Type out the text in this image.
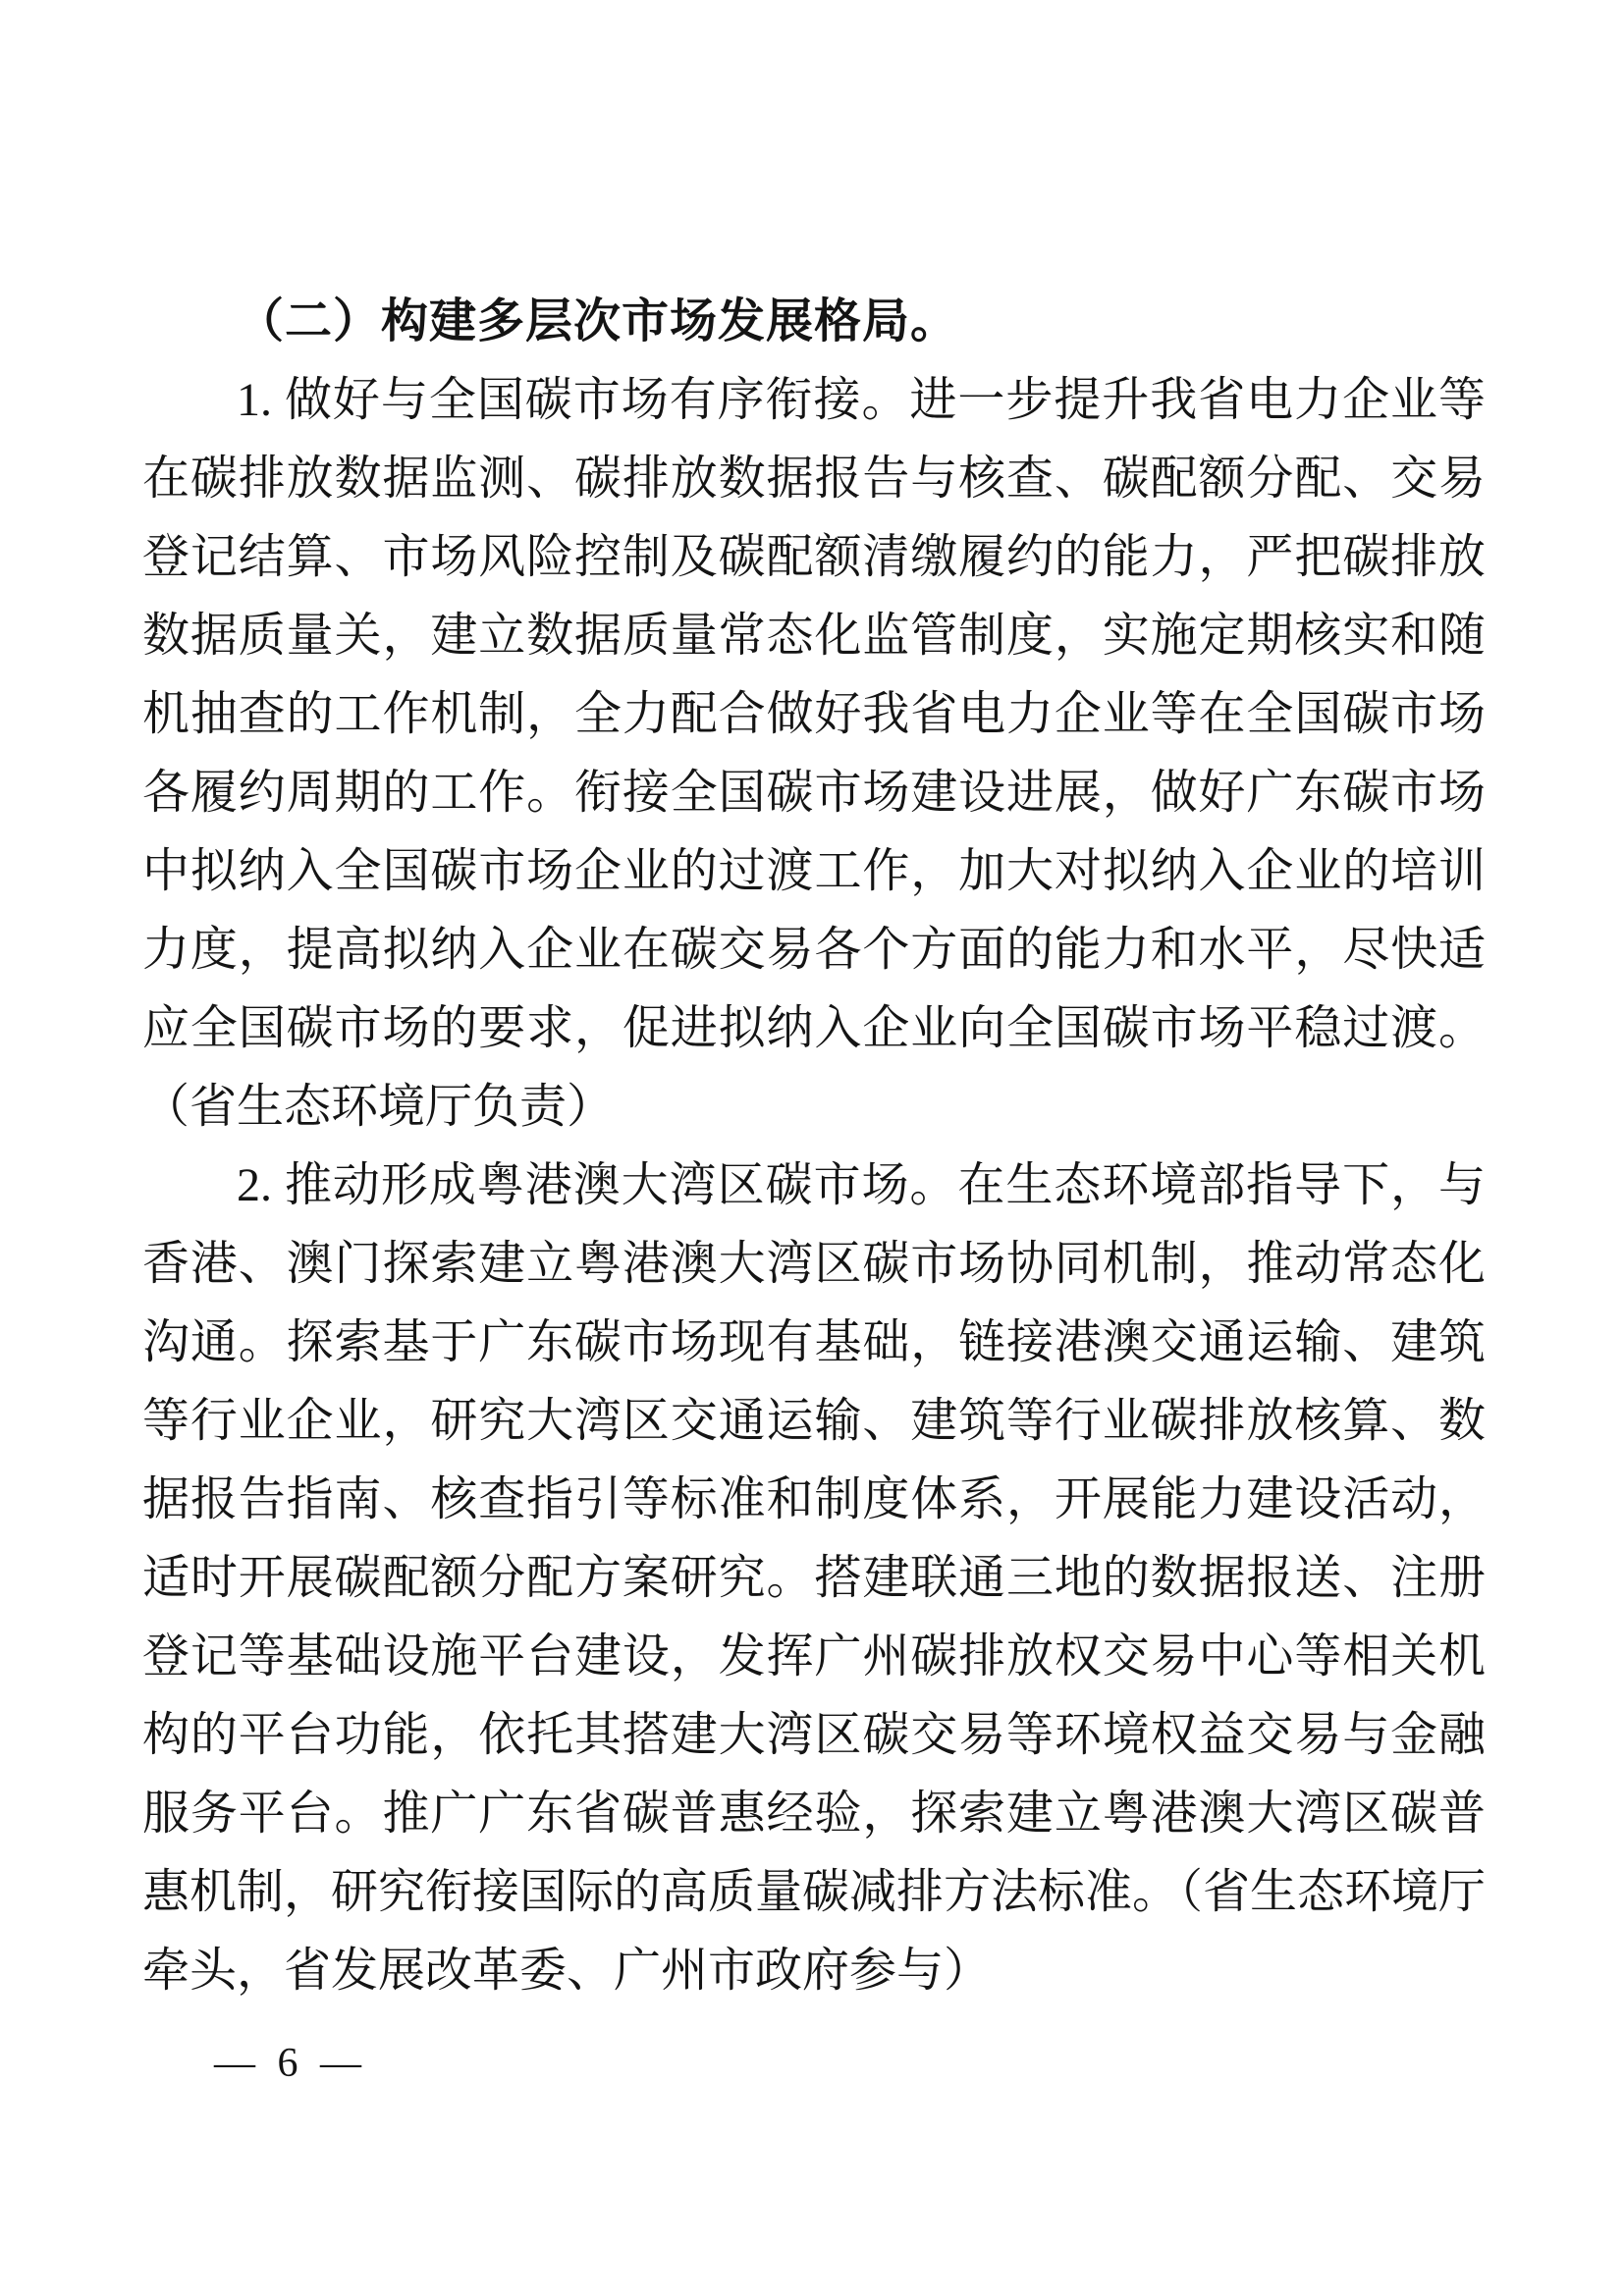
（二）构建多层次市场发展格局。
1. 做好与全国碳市场有序衔接。进一步提升我省电力企业等
在碳排放数据监测、碳排放数据报告与核查、碳配额分配、交易
登记结算、市场风险控制及碳配额清缴履约的能力，严把碳排放
数据质量关，建立数据质量常态化监管制度，实施定期核实和随
机抽查的工作机制，全力配合做好我省电力企业等在全国碳市场
各履约周期的工作。衔接全国碳市场建设进展，做好广东碳市场
中拟纳入全国碳市场企业的过渡工作，加大对拟纳入企业的培训
力度，提高拟纳入企业在碳交易各个方面的能力和水平，尽快适
应全国碳市场的要求，促进拟纳入企业向全国碳市场平稳过渡。
（省生态环境厅负责）
2. 推动形成粤港澳大湾区碳市场。在生态环境部指导下，与
香港、澳门探索建立粤港澳大湾区碳市场协同机制，推动常态化
沟通。探索基于广东碳市场现有基础，链接港澳交通运输、建筑
等行业企业，研究大湾区交通运输、建筑等行业碳排放核算、数
据报告指南、核查指引等标准和制度体系，开展能力建设活动，
适时开展碳配额分配方案研究。搭建联通三地的数据报送、注册
登记等基础设施平台建设，发挥广州碳排放权交易中心等相关机
构的平台功能，依托其搭建大湾区碳交易等环境权益交易与金融
服务平台。推广广东省碳普惠经验，探索建立粤港澳大湾区碳普
惠机制，研究衔接国际的高质量碳减排方法标准。（省生态环境厅
牵头，省发展改革委、广州市政府参与）
— 6 —
